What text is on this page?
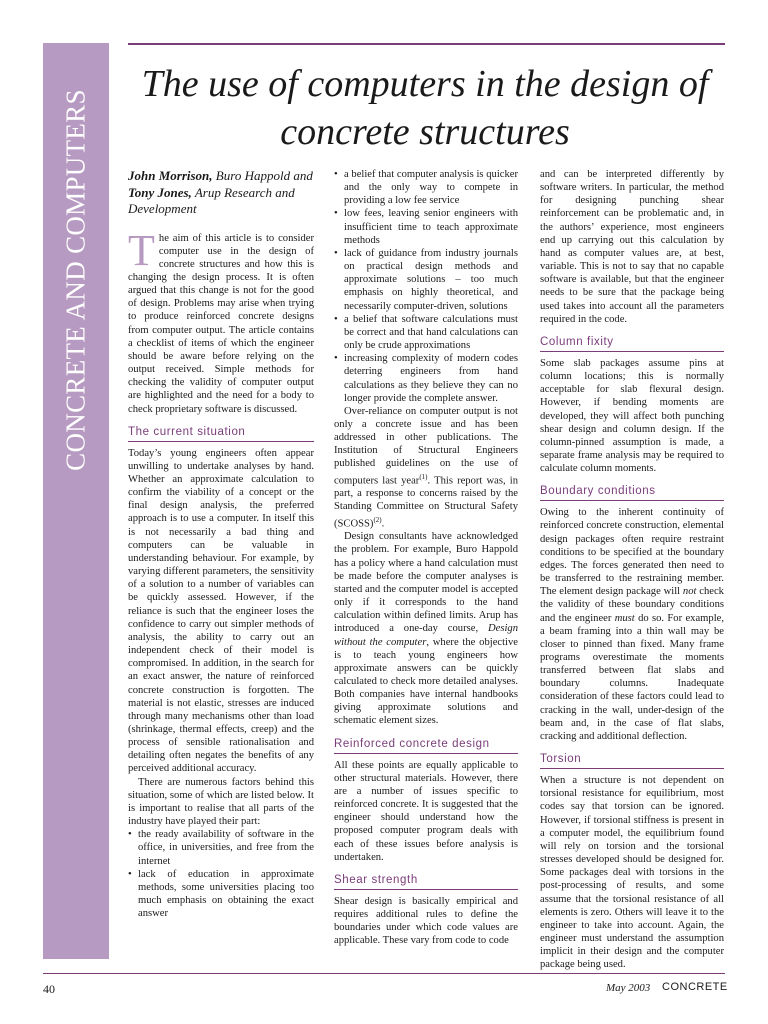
CONCRETE AND COMPUTERS
The use of computers in the design of concrete structures

John Morrison, Buro Happold and Tony Jones, Arup Research and Development

The aim of this article is to consider computer use in the design of concrete structures and how this is changing the design process. It is often argued that this change is not for the good of design. Problems may arise when trying to produce reinforced concrete designs from computer output. The article contains a checklist of items of which the engineer should be aware before relying on the output received. Simple methods for checking the validity of computer output are highlighted and the need for a body to check proprietary software is discussed.

The current situation

Today’s young engineers often appear unwilling to undertake analyses by hand. Whether an approximate calculation to confirm the viability of a concept or the final design analysis, the preferred approach is to use a computer. In itself this is not necessarily a bad thing and computers can be valuable in understanding behaviour. For example, by varying different parameters, the sensitivity of a solution to a number of variables can be quickly assessed. However, if the reliance is such that the engineer loses the confidence to carry out simpler methods of analysis, the ability to carry out an independent check of their model is compromised. In addition, in the search for an exact answer, the nature of reinforced concrete construction is forgotten. The material is not elastic, stresses are induced through many mechanisms other than load (shrinkage, thermal effects, creep) and the process of sensible rationalisation and detailing often negates the benefits of any perceived additional accuracy.

There are numerous factors behind this situation, some of which are listed below. It is important to realise that all parts of the industry have played their part:

• the ready availability of software in the office, in universities, and free from the internet
• lack of education in approximate methods, some universities placing too much emphasis on obtaining the exact answer
• a belief that computer analysis is quicker and the only way to compete in providing a low fee service
• low fees, leaving senior engineers with insufficient time to teach approximate methods
• lack of guidance from industry journals on practical design methods and approximate solutions – too much emphasis on highly theoretical, and necessarily computer-driven, solutions
• a belief that software calculations must be correct and that hand calculations can only be crude approximations
• increasing complexity of modern codes deterring engineers from hand calculations as they believe they can no longer provide the complete answer.

Over-reliance on computer output is not only a concrete issue and has been addressed in other publications. The Institution of Structural Engineers published guidelines on the use of computers last year$^{(1)}$. This report was, in part, a response to concerns raised by the Standing Committee on Structural Safety (SCOSS)$^{(2)}$.

Design consultants have acknowledged the problem. For example, Buro Happold has a policy where a hand calculation must be made before the computer analyses is started and the computer model is accepted only if it corresponds to the hand calculation within defined limits. Arup has introduced a one-day course, Design without the computer, where the objective is to teach young engineers how approximate answers can be quickly calculated to check more detailed analyses. Both companies have internal handbooks giving approximate solutions and schematic element sizes.

Reinforced concrete design

All these points are equally applicable to other structural materials. However, there are a number of issues specific to reinforced concrete. It is suggested that the engineer should understand how the proposed computer program deals with each of these issues before analysis is undertaken.

Shear strength

Shear design is basically empirical and requires additional rules to define the boundaries under which code values are applicable. These vary from code to code

and can be interpreted differently by software writers. In particular, the method for designing punching shear reinforcement can be problematic and, in the authors’ experience, most engineers end up carrying out this calculation by hand as computer values are, at best, variable. This is not to say that no capable software is available, but that the engineer needs to be sure that the package being used takes into account all the parameters required in the code.

Column fixity

Some slab packages assume pins at column locations; this is normally acceptable for slab flexural design. However, if bending moments are developed, they will affect both punching shear design and column design. If the column-pinned assumption is made, a separate frame analysis may be required to calculate column moments.

Boundary conditions

Owing to the inherent continuity of reinforced concrete construction, elemental design packages often require restraint conditions to be specified at the boundary edges. The forces generated then need to be transferred to the restraining member. The element design package will not check the validity of these boundary conditions and the engineer must do so. For example, a beam framing into a thin wall may be closer to pinned than fixed. Many frame programs overestimate the moments transferred between flat slabs and boundary columns. Inadequate consideration of these factors could lead to cracking in the wall, under-design of the beam and, in the case of flat slabs, cracking and additional deflection.

Torsion

When a structure is not dependent on torsional resistance for equilibrium, most codes say that torsion can be ignored. However, if torsional stiffness is present in a computer model, the equilibrium found will rely on torsion and the torsional stresses developed should be designed for. Some packages deal with torsions in the post-processing of results, and some assume that the torsional resistance of all elements is zero. Others will leave it to the engineer to take into account. Again, the engineer must understand the assumption implicit in their design and the computer package being used.

40	May 2003 CONCRETE
